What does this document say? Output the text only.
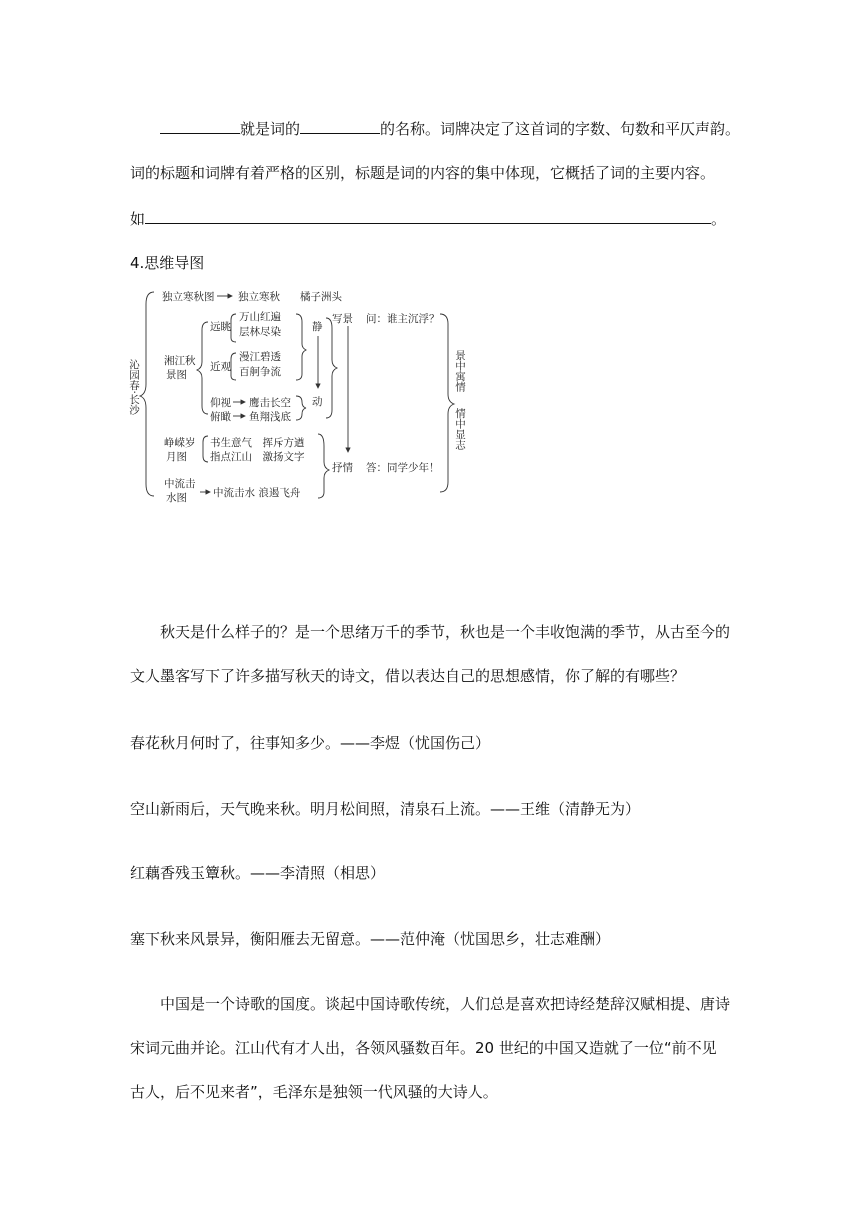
就是词的	的名称。词牌决定了这首词的字数、句数和平仄声韵。
词的标题和词牌有着严格的区别，标题是词的内容的集中体现，它概括了词的主要内容。
如	。
4.思维导图
沁园春·长沙
独立寒秋图 独立寒秋 橘子洲头
湘江秋
景图
远眺
万山红遍
层林尽染
近观
漫江碧透
百舸争流
仰视 鹰击长空
俯瞰 鱼翔浅底
静
动
写景 问：谁主沉浮？
抒情 答：同学少年！
景中寓情
情中显志
峥嵘岁
月图
书生意气　挥斥方遒
指点江山　激扬文字
中流击
水图 中流击水 浪遏飞舟
秋天是什么样子的？是一个思绪万千的季节，秋也是一个丰收饱满的季节，从古至今的
文人墨客写下了许多描写秋天的诗文，借以表达自己的思想感情，你了解的有哪些？
春花秋月何时了，往事知多少。——李煜（忧国伤己）
空山新雨后，天气晚来秋。明月松间照，清泉石上流。——王维（清静无为）
红藕香残玉簟秋。——李清照（相思）
塞下秋来风景异，衡阳雁去无留意。——范仲淹（忧国思乡，壮志难酬）
中国是一个诗歌的国度。谈起中国诗歌传统，人们总是喜欢把诗经楚辞汉赋相提、唐诗
宋词元曲并论。江山代有才人出，各领风骚数百年。20 世纪的中国又造就了一位“前不见
古人，后不见来者”，毛泽东是独领一代风骚的大诗人。
